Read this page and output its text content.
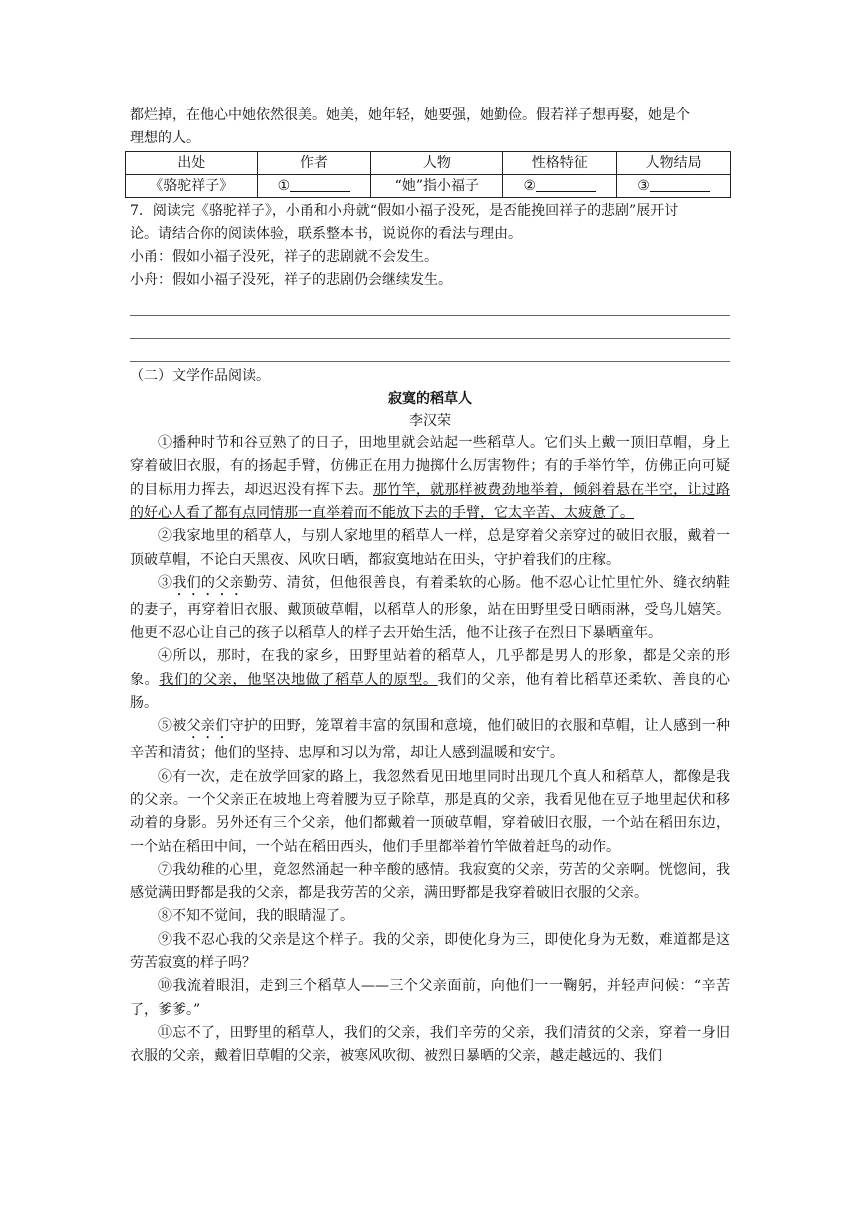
都烂掉，在他心中她依然很美。她美，她年轻，她要强，她勤俭。假若祥子想再娶，她是个
理想的人。
出处	作者	人物	性格特征	人物结局
《骆驼祥子》	①	“她”指小福子	②	③
7．阅读完《骆驼祥子》，小甬和小舟就“假如小福子没死，是否能挽回祥子的悲剧”展开讨
论。请结合你的阅读体验，联系整本书，说说你的看法与理由。
小甬：假如小福子没死，祥子的悲剧就不会发生。
小舟：假如小福子没死，祥子的悲剧仍会继续发生。
（二）文学作品阅读。
寂寞的稻草人
李汉荣
①播种时节和谷豆熟了的日子，田地里就会站起一些稻草人。它们头上戴一顶旧草帽，身上穿着破旧衣服，有的扬起手臂，仿佛正在用力抛掷什么厉害物件；有的手举竹竿，仿佛正向可疑的目标用力挥去，却迟迟没有挥下去。那竹竿，就那样被费劲地举着，倾斜着悬在半空，让过路的好心人看了都有点同情那一直举着而不能放下去的手臂，它太辛苦、太疲惫了。
②我家地里的稻草人，与别人家地里的稻草人一样，总是穿着父亲穿过的破旧衣服，戴着一顶破草帽，不论白天黑夜、风吹日晒，都寂寞地站在田头，守护着我们的庄稼。
③我们的父亲勤劳、清贫，但他很善良，有着柔软的心肠。他不忍心让忙里忙外、缝衣纳鞋的妻子，再穿着旧衣服、戴顶破草帽，以稻草人的形象，站在田野里受日晒雨淋，受鸟儿嬉笑。他更不忍心让自己的孩子以稻草人的样子去开始生活，他不让孩子在烈日下暴晒童年。
④所以，那时，在我的家乡，田野里站着的稻草人，几乎都是男人的形象，都是父亲的形象。我们的父亲，他坚决地做了稻草人的原型。我们的父亲，他有着比稻草还柔软、善良的心肠。
⑤被父亲们守护的田野，笼罩着丰富的氛围和意境，他们破旧的衣服和草帽，让人感到一种辛苦和清贫；他们的坚持、忠厚和习以为常，却让人感到温暖和安宁。
⑥有一次，走在放学回家的路上，我忽然看见田地里同时出现几个真人和稻草人，都像是我的父亲。一个父亲正在坡地上弯着腰为豆子除草，那是真的父亲，我看见他在豆子地里起伏和移动着的身影。另外还有三个父亲，他们都戴着一顶破草帽，穿着破旧衣服，一个站在稻田东边，一个站在稻田中间，一个站在稻田西头，他们手里都举着竹竿做着赶鸟的动作。
⑦我幼稚的心里，竟忽然涌起一种辛酸的感情。我寂寞的父亲，劳苦的父亲啊。恍惚间，我感觉满田野都是我的父亲，都是我劳苦的父亲，满田野都是我穿着破旧衣服的父亲。
⑧不知不觉间，我的眼睛湿了。
⑨我不忍心我的父亲是这个样子。我的父亲，即使化身为三，即使化身为无数，难道都是这劳苦寂寞的样子吗？
⑩我流着眼泪，走到三个稻草人——三个父亲面前，向他们一一鞠躬，并轻声问候：“辛苦了，爹爹。”
⑪忘不了，田野里的稻草人，我们的父亲，我们辛劳的父亲，我们清贫的父亲，穿着一身旧衣服的父亲，戴着旧草帽的父亲，被寒风吹彻、被烈日暴晒的父亲，越走越远的、我们
